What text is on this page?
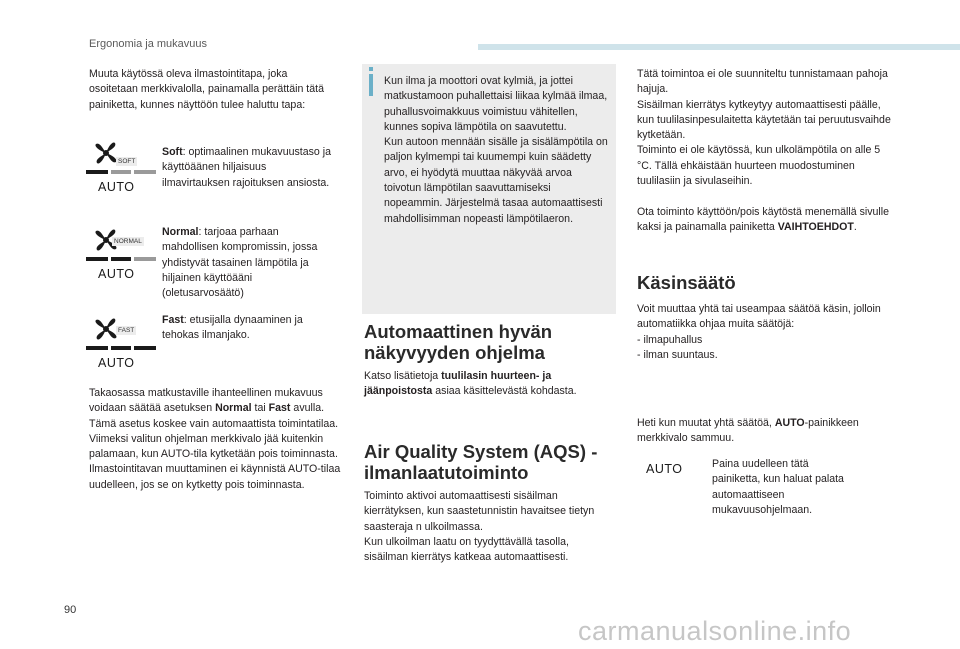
Ergonomia ja mukavuus
Muuta käytössä oleva ilmastointitapa, joka osoitetaan merkkivalolla, painamalla perättäin tätä painiketta, kunnes näyttöön tulee haluttu tapa:
SOFT
AUTO
Soft: optimaalinen mukavuustaso ja käyttöäänen hiljaisuus ilmavirtauksen rajoituksen ansiosta.
NORMAL
AUTO
Normal: tarjoaa parhaan mahdollisen kompromissin, jossa yhdistyvät tasainen lämpötila ja hiljainen käyttöääni (oletusarvosäätö)
FAST
AUTO
Fast: etusijalla dynaaminen ja tehokas ilmanjako.

Takaosassa matkustaville ihanteellinen mukavuus voidaan säätää asetuksen Normal tai Fast avulla.

Tämä asetus koskee vain automaattista toimintatilaa. Viimeksi valitun ohjelman merkkivalo jää kuitenkin palamaan, kun AUTO-tila kytketään pois toiminnasta.

Ilmastointitavan muuttaminen ei käynnistä AUTO-tilaa uudelleen, jos se on kytketty pois toiminnasta.

Kun ilma ja moottori ovat kylmiä, ja jottei matkustamoon puhallettaisi liikaa kylmää ilmaa, puhallusvoimakkuus voimistuu vähitellen, kunnes sopiva lämpötila on saavutettu.
Kun autoon mennään sisälle ja sisälämpötila on paljon kylmempi tai kuumempi kuin säädetty arvo, ei hyödytä muuttaa näkyvää arvoa toivotun lämpötilan saavuttamiseksi nopeammin. Järjestelmä tasaa automaattisesti mahdollisimman nopeasti lämpötilaeron.
Automaattinen hyvän näkyvyyden ohjelma
Katso lisätietoja tuulilasin huurteen- ja jäänpoistosta asiaa käsittelevästä kohdasta.
Air Quality System (AQS) -ilmanlaatutoiminto
Toiminto aktivoi automaattisesti sisäilman kierrätyksen, kun saastetunnistin havaitsee tietyn saasteraja n ulkoilmassa.
Kun ulkoilman laatu on tyydyttävällä tasolla, sisäilman kierrätys katkeaa automaattisesti.
Tätä toimintoa ei ole suunniteltu tunnistamaan pahoja hajuja.
Sisäilman kierrätys kytkeytyy automaattisesti päälle, kun tuulilasinpesulaitetta käytetään tai peruutusvaihde kytketään.
Toiminto ei ole käytössä, kun ulkolämpötila on alle 5 °C. Tällä ehkäistään huurteen muodostuminen tuulilasiin ja sivulaseihin.
Ota toiminto käyttöön/pois käytöstä menemällä sivulle kaksi ja painamalla painiketta VAIHTOEHDOT.
Käsinsäätö

Voit muuttaa yhtä tai useampaa säätöä käsin, jolloin automatiikka ohjaa muita säätöjä:

- ilmapuhallus

- ilman suuntaus.

Heti kun muutat yhtä säätöä, AUTO-painikkeen merkkivalo sammuu.
AUTO	Paina uudelleen tätä painiketta, kun haluat palata automaattiseen mukavuusohjelmaan.
90
carmanualsonline.info
